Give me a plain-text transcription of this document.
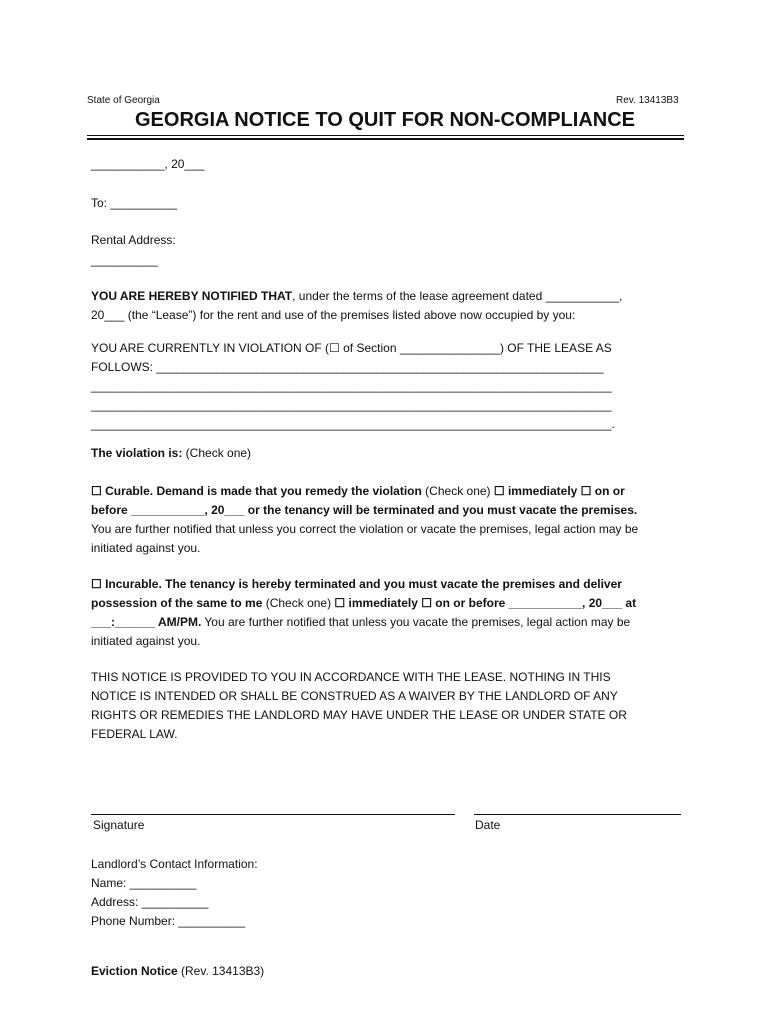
State of Georgia	Rev. 13413B3
GEORGIA NOTICE TO QUIT FOR NON-COMPLIANCE
___________, 20___
To: __________
Rental Address:
__________
YOU ARE HEREBY NOTIFIED THAT, under the terms of the lease agreement dated ___________,
20___ (the “Lease”) for the rent and use of the premises listed above now occupied by you:
YOU ARE CURRENTLY IN VIOLATION OF (☐ of Section _______________) OF THE LEASE AS
FOLLOWS: ___________________________________________________________________
______________________________________________________________________________
______________________________________________________________________________
______________________________________________________________________________.
The violation is: (Check one)
☐ Curable. Demand is made that you remedy the violation (Check one) ☐ immediately ☐ on or
before ___________, 20___ or the tenancy will be terminated and you must vacate the premises.
You are further notified that unless you correct the violation or vacate the premises, legal action may be
initiated against you.
☐ Incurable. The tenancy is hereby terminated and you must vacate the premises and deliver
possession of the same to me (Check one) ☐ immediately ☐ on or before ___________, 20___ at
___:______ AM/PM. You are further notified that unless you vacate the premises, legal action may be
initiated against you.
THIS NOTICE IS PROVIDED TO YOU IN ACCORDANCE WITH THE LEASE. NOTHING IN THIS
NOTICE IS INTENDED OR SHALL BE CONSTRUED AS A WAIVER BY THE LANDLORD OF ANY
RIGHTS OR REMEDIES THE LANDLORD MAY HAVE UNDER THE LEASE OR UNDER STATE OR
FEDERAL LAW.
Signature	Date
Landlord’s Contact Information:
Name: __________
Address: __________
Phone Number: __________
Eviction Notice (Rev. 13413B3)
